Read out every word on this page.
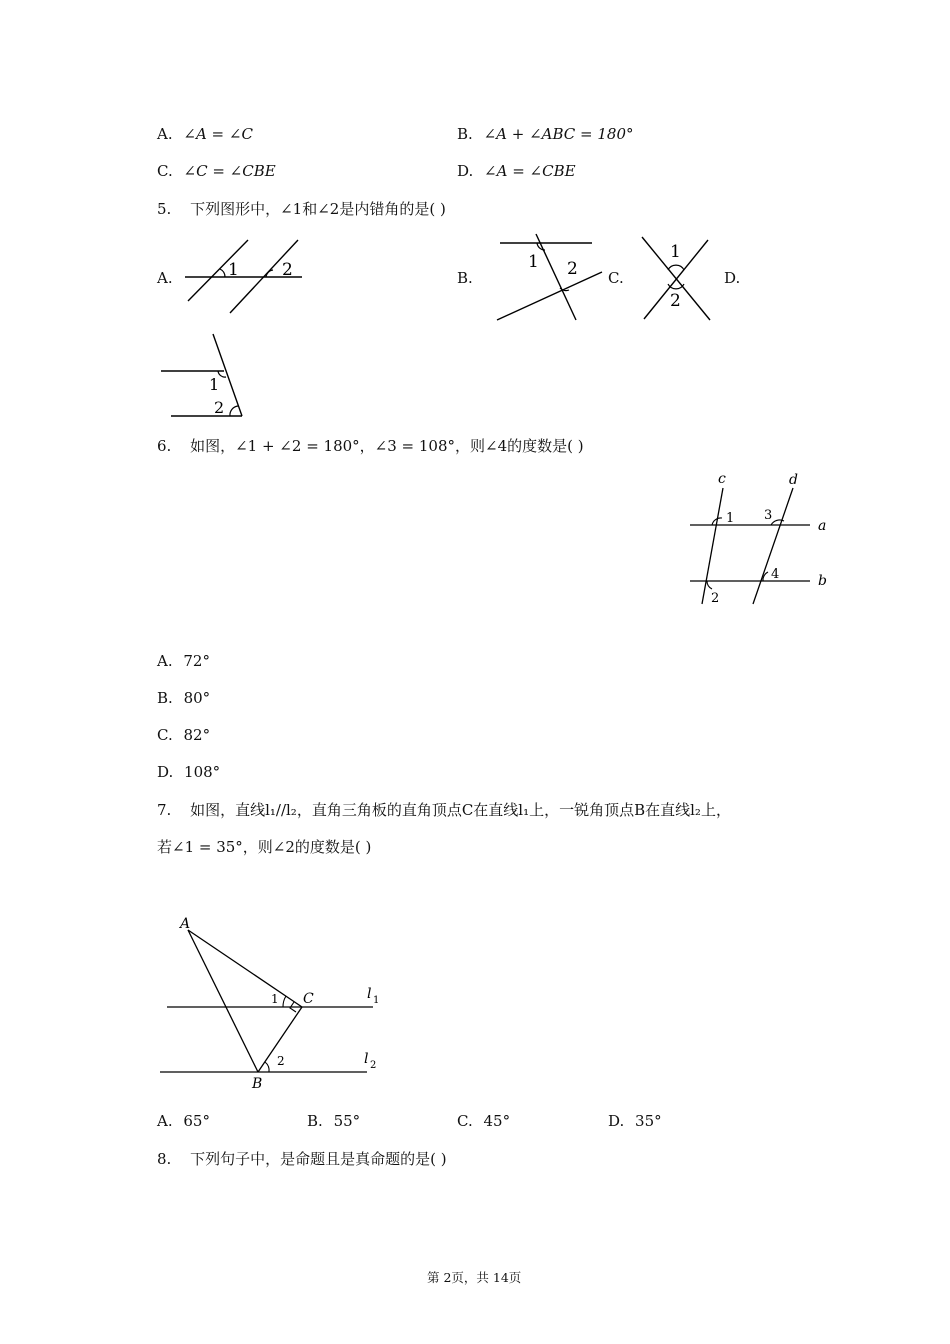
A. ∠A = ∠C	B. ∠A + ∠ABC = 180°
C. ∠C = ∠CBE	D. ∠A = ∠CBE
5. 下列图形中，∠1和∠2是内错角的是( )
A.	1	2	B.
1 2 C.
1
2
D.
1
2
6. 如图，∠1 + ∠2 = 180°，∠3 = 108°，则∠4的度数是( )
c	d
a
b
1
2
3
4
A. 72°
B. 80°
C. 82°
D. 108°
7. 如图，直线l₁//l₂，直角三角板的直角顶点C在直线l₁上，一锐角顶点B在直线l₂上，
若∠1 = 35°，则∠2的度数是( )
A
B
C
1
2
l 1
l 2
A. 65°	B. 55°	C. 45°	D. 35°
8. 下列句子中，是命题且是真命题的是( )
第 2页，共 14页
